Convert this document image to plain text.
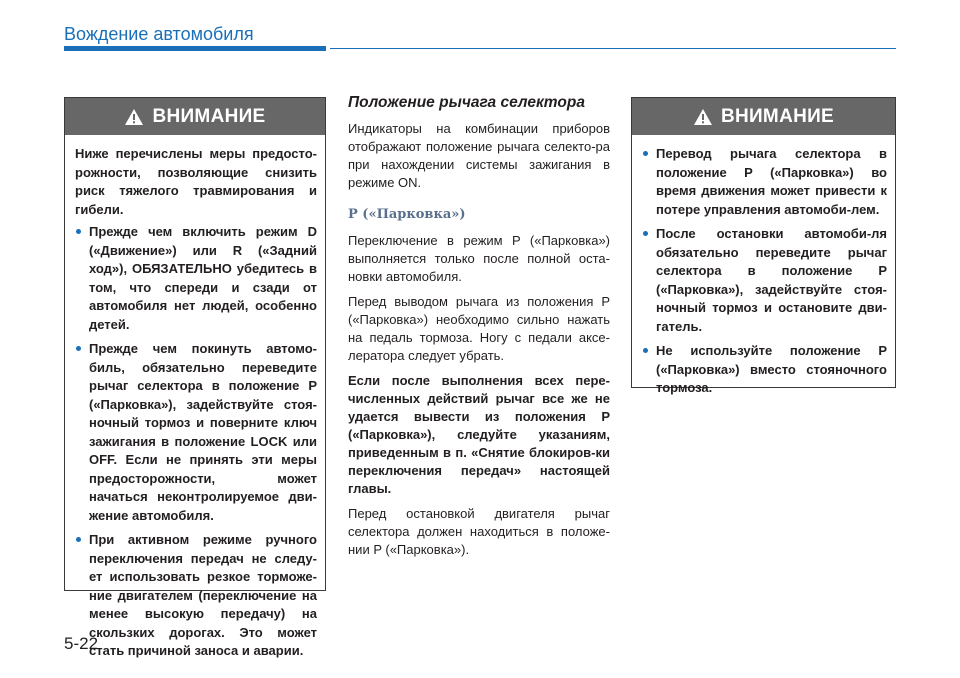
Вождение автомобиля
ВНИМАНИЕ

Ниже перечислены меры предосто-рожности, позволяющие снизить риск тяжелого травмирования и гибели.

Прежде чем включить режим D («Движение») или R («Задний ход»), ОБЯЗАТЕЛЬНО убедитесь в том, что спереди и сзади от автомобиля нет людей, особенно детей.
Прежде чем покинуть автомо-биль, обязательно переведите рычаг селектора в положение P («Парковка»), задействуйте стоя-ночный тормоз и поверните ключ зажигания в положение LOCK или OFF. Если не принять эти меры предосторожности, может начаться неконтролируемое дви-жение автомобиля.
При активном режиме ручного переключения передач не следу-ет использовать резкое торможе-ние двигателем (переключение на менее высокую передачу) на скользких дорогах. Это может стать причиной заноса и аварии.
Положение рычага селектора

Индикаторы на комбинации приборов отображают положение рычага селекто-ра при нахождении системы зажигания в режиме ON.

P («Парковка»)

Переключение в режим P («Парковка») выполняется только после полной оста-новки автомобиля.

Перед выводом рычага из положения P («Парковка») необходимо сильно нажать на педаль тормоза. Ногу с педали аксе-лератора следует убрать.

Если после выполнения всех пере-численных действий рычаг все же не удается вывести из положения P («Парковка»), следуйте указаниям, приведенным в п. «Снятие блокиров-ки переключения передач» настоящей главы.

Перед остановкой двигателя рычаг селектора должен находиться в положе-нии P («Парковка»).

ВНИМАНИЕ
Перевод рычага селектора в положение P («Парковка») во время движения может привести к потере управления автомоби-лем.
После остановки автомоби-ля обязательно переведите рычаг селектора в положение P («Парковка»), задействуйте стоя-ночный тормоз и остановите дви-гатель.
Не используйте положение P («Парковка») вместо стояночного тормоза.
5-22
